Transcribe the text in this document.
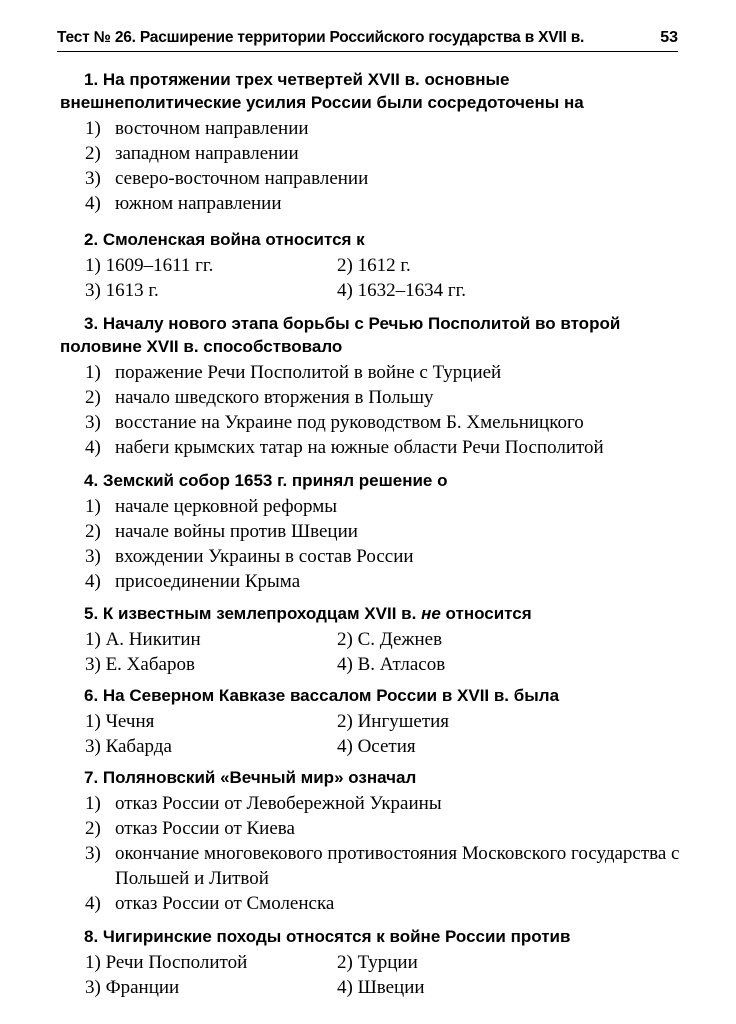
Тест № 26. Расширение территории Российского государства в XVII в.	53
1. На протяжении трех четвертей XVII в. основные внешнеполитические усилия России были сосредоточены на
1) восточном направлении
2) западном направлении
3) северо-восточном направлении
4) южном направлении
2. Смоленская война относится к
1) 1609–1611 гг.	2) 1612 г.
3) 1613 г.	4) 1632–1634 гг.
3. Началу нового этапа борьбы с Речью Посполитой во второй половине XVII в. способствовало
1) поражение Речи Посполитой в войне с Турцией
2) начало шведского вторжения в Польшу
3) восстание на Украине под руководством Б. Хмельницкого
4) набеги крымских татар на южные области Речи Посполитой
4. Земский собор 1653 г. принял решение о
1) начале церковной реформы
2) начале войны против Швеции
3) вхождении Украины в состав России
4) присоединении Крыма
5. К известным землепроходцам XVII в. не относится
1) А. Никитин	2) С. Дежнев
3) Е. Хабаров	4) В. Атласов
6. На Северном Кавказе вассалом России в XVII в. была
1) Чечня	2) Ингушетия
3) Кабарда	4) Осетия
7. Поляновский «Вечный мир» означал
1) отказ России от Левобережной Украины
2) отказ России от Киева
3) окончание многовекового противостояния Московского государства с Польшей и Литвой
4) отказ России от Смоленска
8. Чигиринские походы относятся к войне России против
1) Речи Посполитой	2) Турции
3) Франции	4) Швеции
